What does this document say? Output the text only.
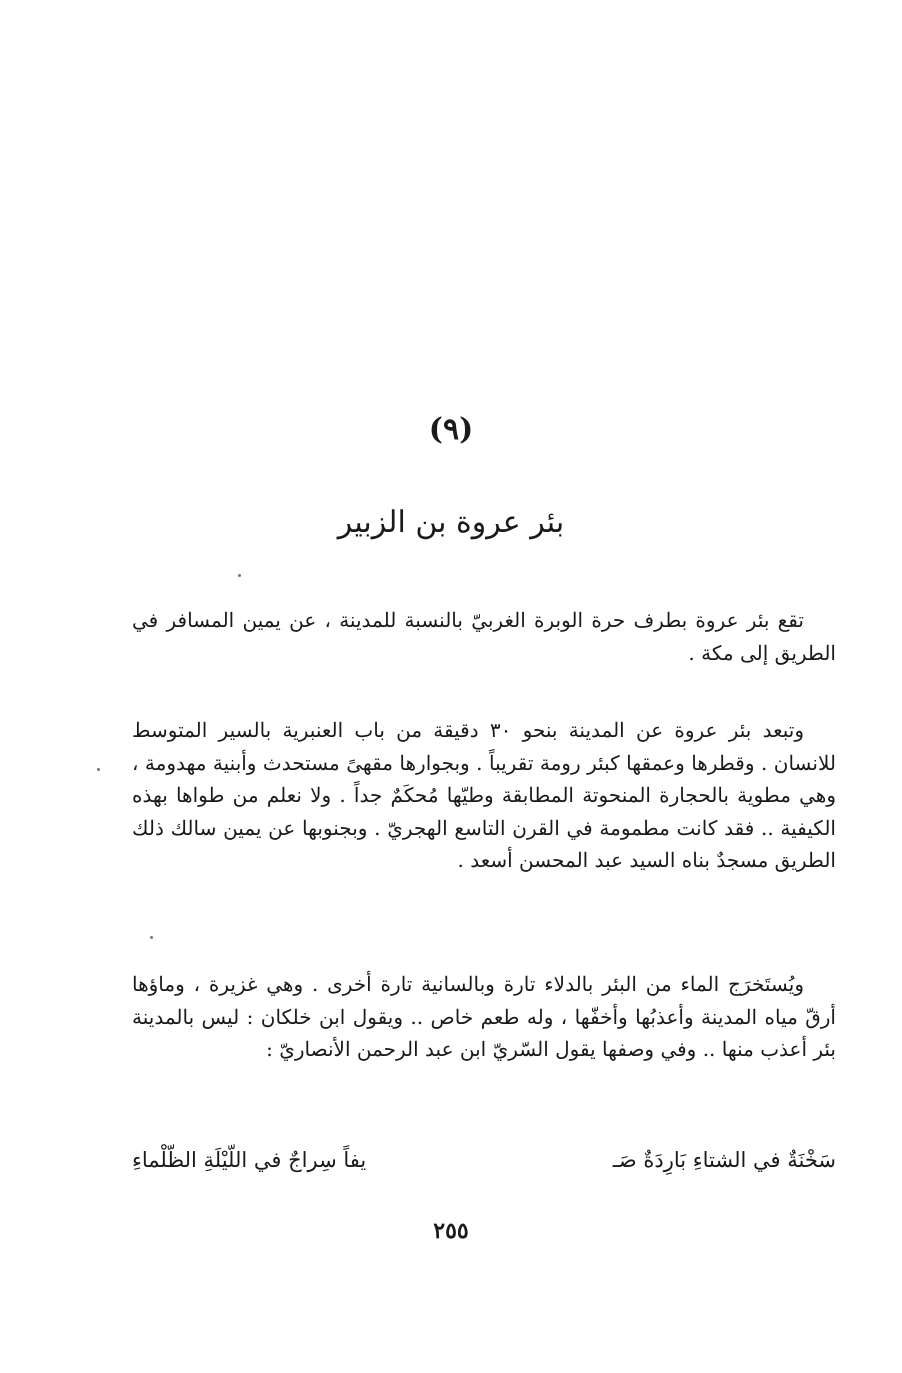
(٩)
بئر عروة بن الزبير
تقع بئر عروة بطرف حرة الوبرة الغربيّ بالنسبة للمدينة ، عن يمين المسافر في الطريق إلى مكة .
وتبعد بئر عروة عن المدينة بنحو ٣٠ دقيقة من باب العنبرية بالسير المتوسط للانسان . وقطرها وعمقها كبئر رومة تقريباً . وبجوارها مقهىً مستحدث وأبنية مهدومة ، وهي مطوية بالحجارة المنحوتة المطابقة وطيّها مُحكَمٌ جداً . ولا نعلم من طواها بهذه الكيفية .. فقد كانت مطمومة في القرن التاسع الهجريّ . وبجنوبها عن يمين سالك ذلك الطريق مسجدٌ بناه السيد عبد المحسن أسعد .
ويُستَخرَج الماء من البئر بالدلاء تارة وبالسانية تارة أخرى . وهي غزيرة ، وماؤها أرقّ مياه المدينة وأعذبُها وأخفّها ، وله طعم خاص .. ويقول ابن خلكان : ليس بالمدينة بئر أعذب منها .. وفي وصفها يقول السّريّ ابن عبد الرحمن الأنصاريّ :
سَخْنَةٌ في الشتاءِ بَارِدَةٌ صَـ
يفاً سِراجٌ في اللّيْلَةِ الظّلْماءِ
٢٥٥
